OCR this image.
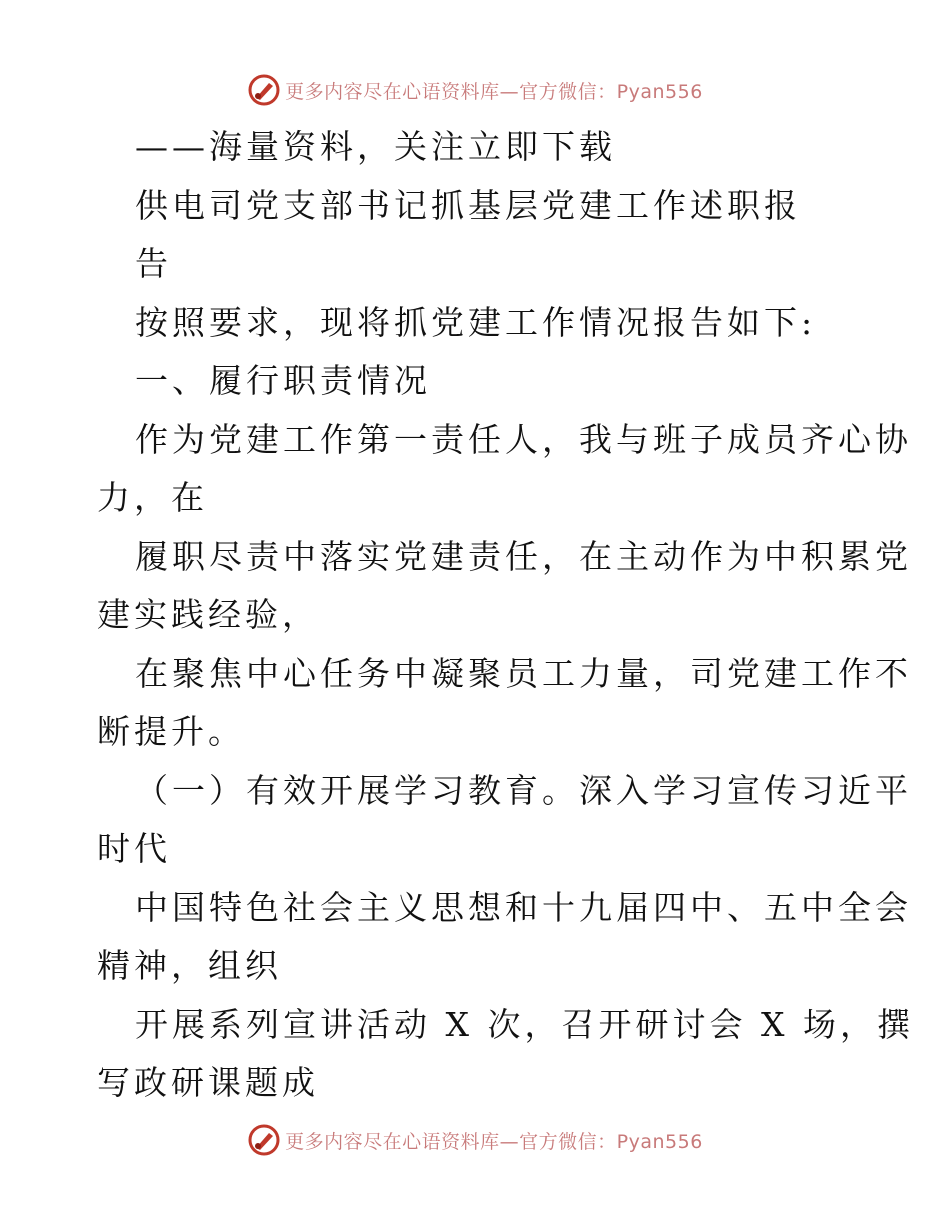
更多内容尽在心语资料库—官方微信：Pyan556
——海量资料，关注立即下载
供电司党支部书记抓基层党建工作述职报
告
按照要求，现将抓党建工作情况报告如下:
一、履行职责情况
作为党建工作第一责任人，我与班子成员齐心协
力，在
履职尽责中落实党建责任，在主动作为中积累党
建实践经验，
在聚焦中心任务中凝聚员工力量，司党建工作不
断提升。
（一）有效开展学习教育。深入学习宣传习近平
时代
中国特色社会主义思想和十九届四中、五中全会
精神，组织
开展系列宣讲活动 X 次，召开研讨会 X 场，撰
写政研课题成
更多内容尽在心语资料库—官方微信：Pyan556
